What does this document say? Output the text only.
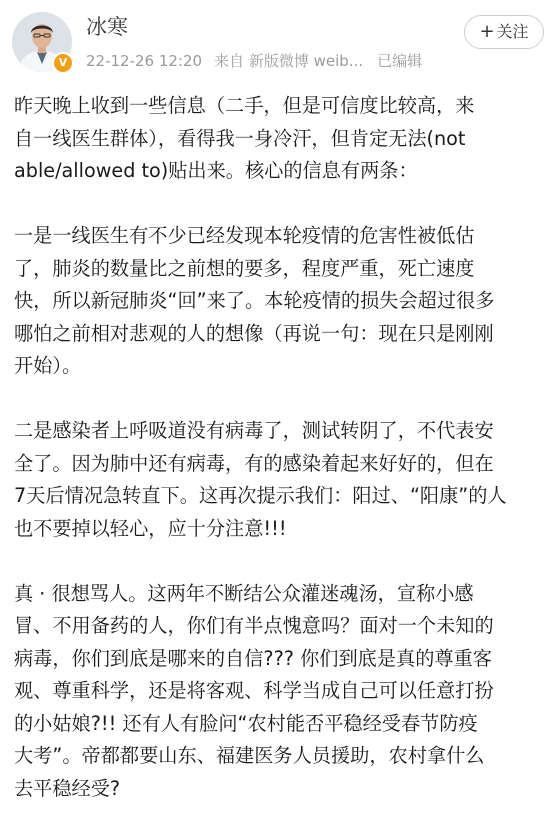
V
冰寒
22-12-26 12:20 来自 新版微博 weib... 已编辑
+ 关注

昨天晚上收到一些信息（二手，但是可信度比较高，来
自一线医生群体），看得我一身冷汗，但肯定无法(not
able/allowed to)贴出来。核心的信息有两条：

一是一线医生有不少已经发现本轮疫情的危害性被低估
了，肺炎的数量比之前想的要多，程度严重，死亡速度
快，所以新冠肺炎“回”来了。本轮疫情的损失会超过很多
哪怕之前相对悲观的人的想像（再说一句：现在只是刚刚
开始）。

二是感染者上呼吸道没有病毒了，测试转阴了，不代表安
全了。因为肺中还有病毒，有的感染着起来好好的，但在
7天后情况急转直下。这再次提示我们：阳过、“阳康”的人
也不要掉以轻心，应十分注意!!!

真 · 很想骂人。这两年不断结公众灌迷魂汤，宣称小感
冒、不用备药的人，你们有半点愧意吗？面对一个未知的
病毒，你们到底是哪来的自信??? 你们到底是真的尊重客
观、尊重科学，还是将客观、科学当成自己可以任意打扮
的小姑娘?!! 还有人有脸问“农村能否平稳经受春节防疫
大考”。帝都都要山东、福建医务人员援助，农村拿什么
去平稳经受?
